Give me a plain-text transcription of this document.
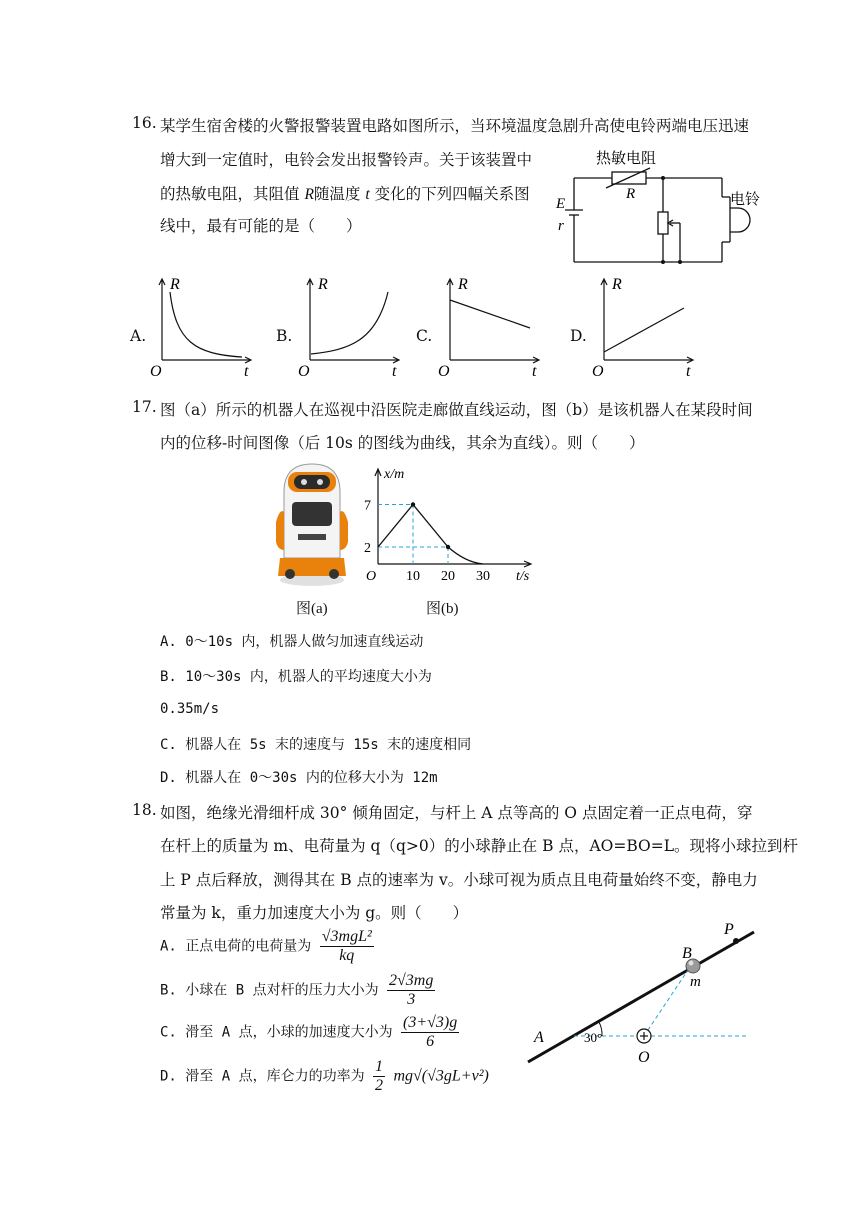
16. 某学生宿舍楼的火警报警装置电路如图所示，当环境温度急剧升高使电铃两端电压迅速
增大到一定值时，电铃会发出报警铃声。关于该装置中
的热敏电阻，其阻值 R随温度 t 变化的下列四幅关系图
线中，最有可能的是（　　）
热敏电阻
R
E
r
电铃
A.
R
t
O
B.
R
t
O
C.
R
t
O
D.
R
t
O
17. 图（a）所示的机器人在巡视中沿医院走廊做直线运动，图（b）是该机器人在某段时间
内的位移-时间图像（后 10s 的图线为曲线，其余为直线）。则（　　）
图(a)
10 20 30
2
7
x/m
t/s
O
图(b)
A. 0～10s 内，机器人做匀加速直线运动
B. 10～30s 内，机器人的平均速度大小为
0.35m/s
C. 机器人在 5s 末的速度与 15s 末的速度相同
D. 机器人在 0～30s 内的位移大小为 12m
18. 如图，绝缘光滑细杆成 30° 倾角固定，与杆上 A 点等高的 O 点固定着一正点电荷，穿
在杆上的质量为 m、电荷量为 q（q>0）的小球静止在 B 点，AO=BO=L。现将小球拉到杆
上 P 点后释放，测得其在 B 点的速率为 v。小球可视为质点且电荷量始终不变，静电力
常量为 k，重力加速度大小为 g。则（　　）
A. 正点电荷的电荷量为 $\frac{\text{√3mgL²}}{kq}$
B. 小球在 B 点对杆的压力大小为 $\frac{2√3mg}{3}$
C. 滑至 A 点，小球的加速度大小为 $\frac{(3+√3)g}{6}$
D. 滑至 A 点，库仑力的功率为 $\frac{1}{2} mg√(√3gL+v^2)$
P
B
m
A
O
30°
